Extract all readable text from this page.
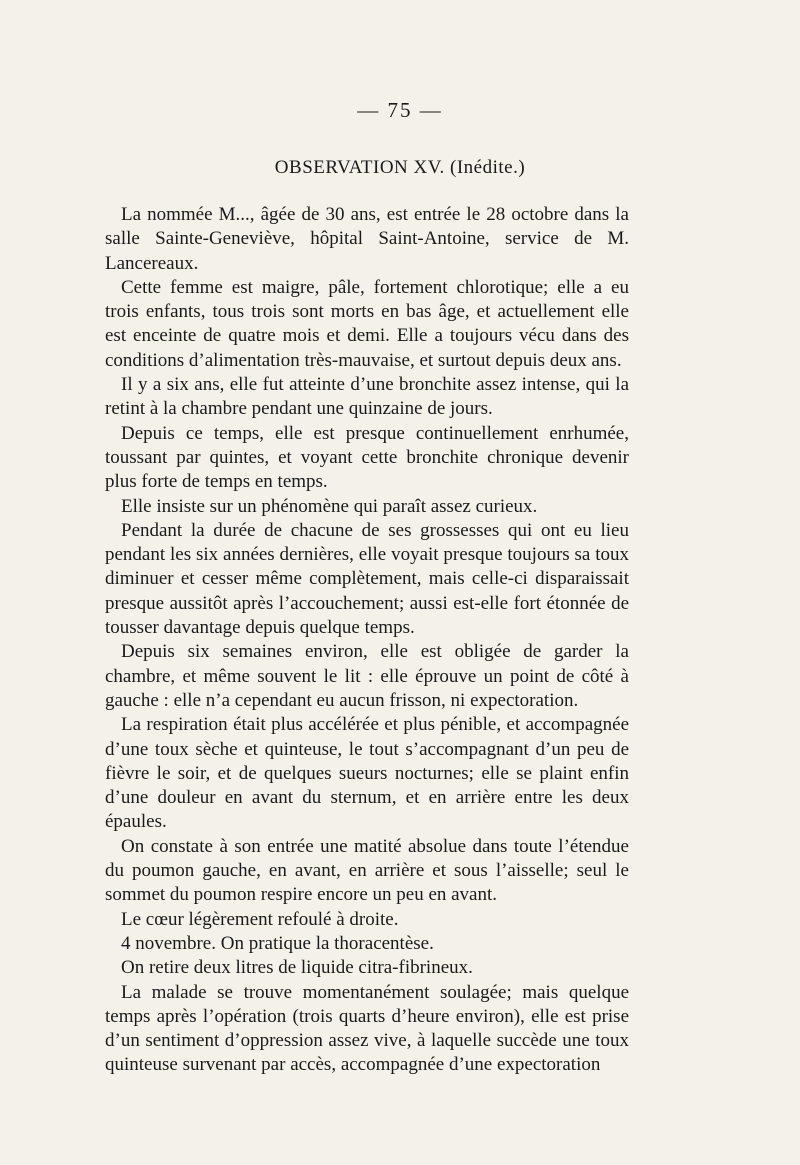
— 75 —
OBSERVATION XV. (Inédite.)

La nommée M..., âgée de 30 ans, est entrée le 28 octobre dans la salle Sainte-Geneviève, hôpital Saint-Antoine, service de M. Lancereaux.

Cette femme est maigre, pâle, fortement chlorotique; elle a eu trois enfants, tous trois sont morts en bas âge, et actuellement elle est enceinte de quatre mois et demi. Elle a toujours vécu dans des conditions d’alimentation très-mauvaise, et surtout depuis deux ans.

Il y a six ans, elle fut atteinte d’une bronchite assez intense, qui la retint à la chambre pendant une quinzaine de jours.

Depuis ce temps, elle est presque continuellement enrhumée, toussant par quintes, et voyant cette bronchite chronique devenir plus forte de temps en temps.

Elle insiste sur un phénomène qui paraît assez curieux.

Pendant la durée de chacune de ses grossesses qui ont eu lieu pendant les six années dernières, elle voyait presque toujours sa toux diminuer et cesser même complètement, mais celle-ci disparaissait presque aussitôt après l’accouchement; aussi est-elle fort étonnée de tousser davantage depuis quelque temps.

Depuis six semaines environ, elle est obligée de garder la chambre, et même souvent le lit : elle éprouve un point de côté à gauche : elle n’a cependant eu aucun frisson, ni expectoration.

La respiration était plus accélérée et plus pénible, et accompagnée d’une toux sèche et quinteuse, le tout s’accompagnant d’un peu de fièvre le soir, et de quelques sueurs nocturnes; elle se plaint enfin d’une douleur en avant du sternum, et en arrière entre les deux épaules.

On constate à son entrée une matité absolue dans toute l’étendue du poumon gauche, en avant, en arrière et sous l’aisselle; seul le sommet du poumon respire encore un peu en avant.

Le cœur légèrement refoulé à droite.

4 novembre. On pratique la thoracentèse.

On retire deux litres de liquide citra-fibrineux.

La malade se trouve momentanément soulagée; mais quelque temps après l’opération (trois quarts d’heure environ), elle est prise d’un sentiment d’oppression assez vive, à laquelle succède une toux quinteuse survenant par accès, accompagnée d’une expectoration
